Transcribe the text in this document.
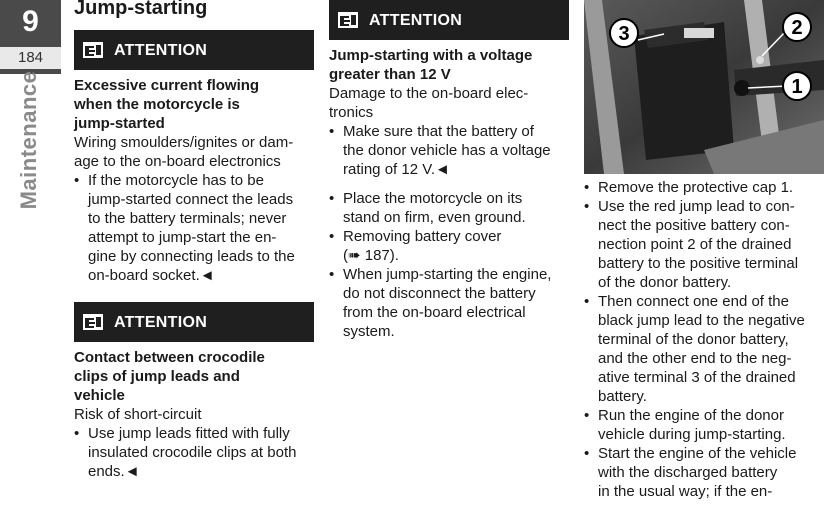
9
184
Maintenance
Jump-starting
ATTENTION
Excessive current flowing
when the motorcycle is
jump-started
Wiring smoulders/ignites or dam-
age to the on-board electronics
• If the motorcycle has to be
jump-started connect the leads
to the battery terminals; never
attempt to jump-start the en-
gine by connecting leads to the
on-board socket.◄
ATTENTION
Contact between crocodile
clips of jump leads and
vehicle
Risk of short-circuit
• Use jump leads fitted with fully
insulated crocodile clips at both
ends.◄
ATTENTION
Jump-starting with a voltage
greater than 12 V
Damage to the on-board elec-
tronics
• Make sure that the battery of
the donor vehicle has a voltage
rating of 12 V.◄
• Place the motorcycle on its
stand on firm, even ground.
• Removing battery cover
(➠ 187).
• When jump-starting the engine,
do not disconnect the battery
from the on-board electrical
system.
3	2
1
• Remove the protective cap 1.
• Use the red jump lead to con-
nect the positive battery con-
nection point 2 of the drained
battery to the positive terminal
of the donor battery.
• Then connect one end of the
black jump lead to the negative
terminal of the donor battery,
and the other end to the neg-
ative terminal 3 of the drained
battery.
• Run the engine of the donor
vehicle during jump-starting.
• Start the engine of the vehicle
with the discharged battery
in the usual way; if the en-
